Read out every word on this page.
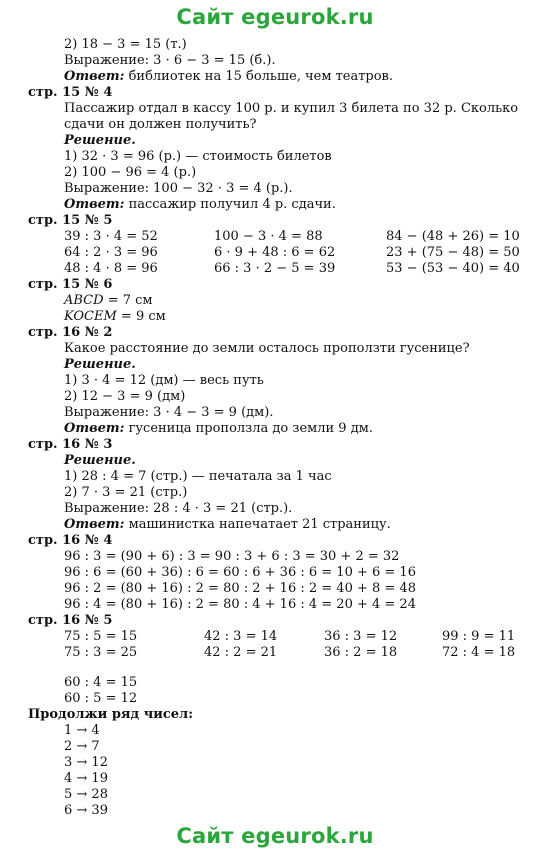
Сайт egeurok.ru
2) 18 − 3 = 15 (т.)
Выражение: 3 · 6 − 3 = 15 (б.).
Ответ: библиотек на 15 больше, чем театров.
стр. 15 № 4
Пассажир отдал в кассу 100 р. и купил 3 билета по 32 р. Сколько
сдачи он должен получить?
Решение.
1) 32 · 3 = 96 (р.) — стоимость билетов
2) 100 − 96 = 4 (р.)
Выражение: 100 − 32 · 3 = 4 (р.).
Ответ: пассажир получил 4 р. сдачи.
стр. 15 № 5
39 : 3 · 4 = 52	100 − 3 · 4 = 88	84 − (48 + 26) = 10
64 : 2 · 3 = 96	6 · 9 + 48 : 6 = 62	23 + (75 − 48) = 50
48 : 4 · 8 = 96	66 : 3 · 2 − 5 = 39	53 − (53 − 40) = 40
стр. 15 № 6
ABCD = 7 см
KOCEM = 9 см
стр. 16 № 2
Какое расстояние до земли осталось проползти гусенице?
Решение.
1) 3 · 4 = 12 (дм) — весь путь
2) 12 − 3 = 9 (дм)
Выражение: 3 · 4 − 3 = 9 (дм).
Ответ: гусеница проползла до земли 9 дм.
стр. 16 № 3
Решение.
1) 28 : 4 = 7 (стр.) — печатала за 1 час
2) 7 · 3 = 21 (стр.)
Выражение: 28 : 4 · 3 = 21 (стр.).
Ответ: машинистка напечатает 21 страницу.
стр. 16 № 4
96 : 3 = (90 + 6) : 3 = 90 : 3 + 6 : 3 = 30 + 2 = 32
96 : 6 = (60 + 36) : 6 = 60 : 6 + 36 : 6 = 10 + 6 = 16
96 : 2 = (80 + 16) : 2 = 80 : 2 + 16 : 2 = 40 + 8 = 48
96 : 4 = (80 + 16) : 2 = 80 : 4 + 16 : 4 = 20 + 4 = 24
стр. 16 № 5
75 : 5 = 15	42 : 3 = 14	36 : 3 = 12	99 : 9 = 11
75 : 3 = 25	42 : 2 = 21	36 : 2 = 18	72 : 4 = 18
60 : 4 = 15
60 : 5 = 12
Продолжи ряд чисел:
1 → 4
2 → 7
3 → 12
4 → 19
5 → 28
6 → 39
Сайт egeurok.ru
